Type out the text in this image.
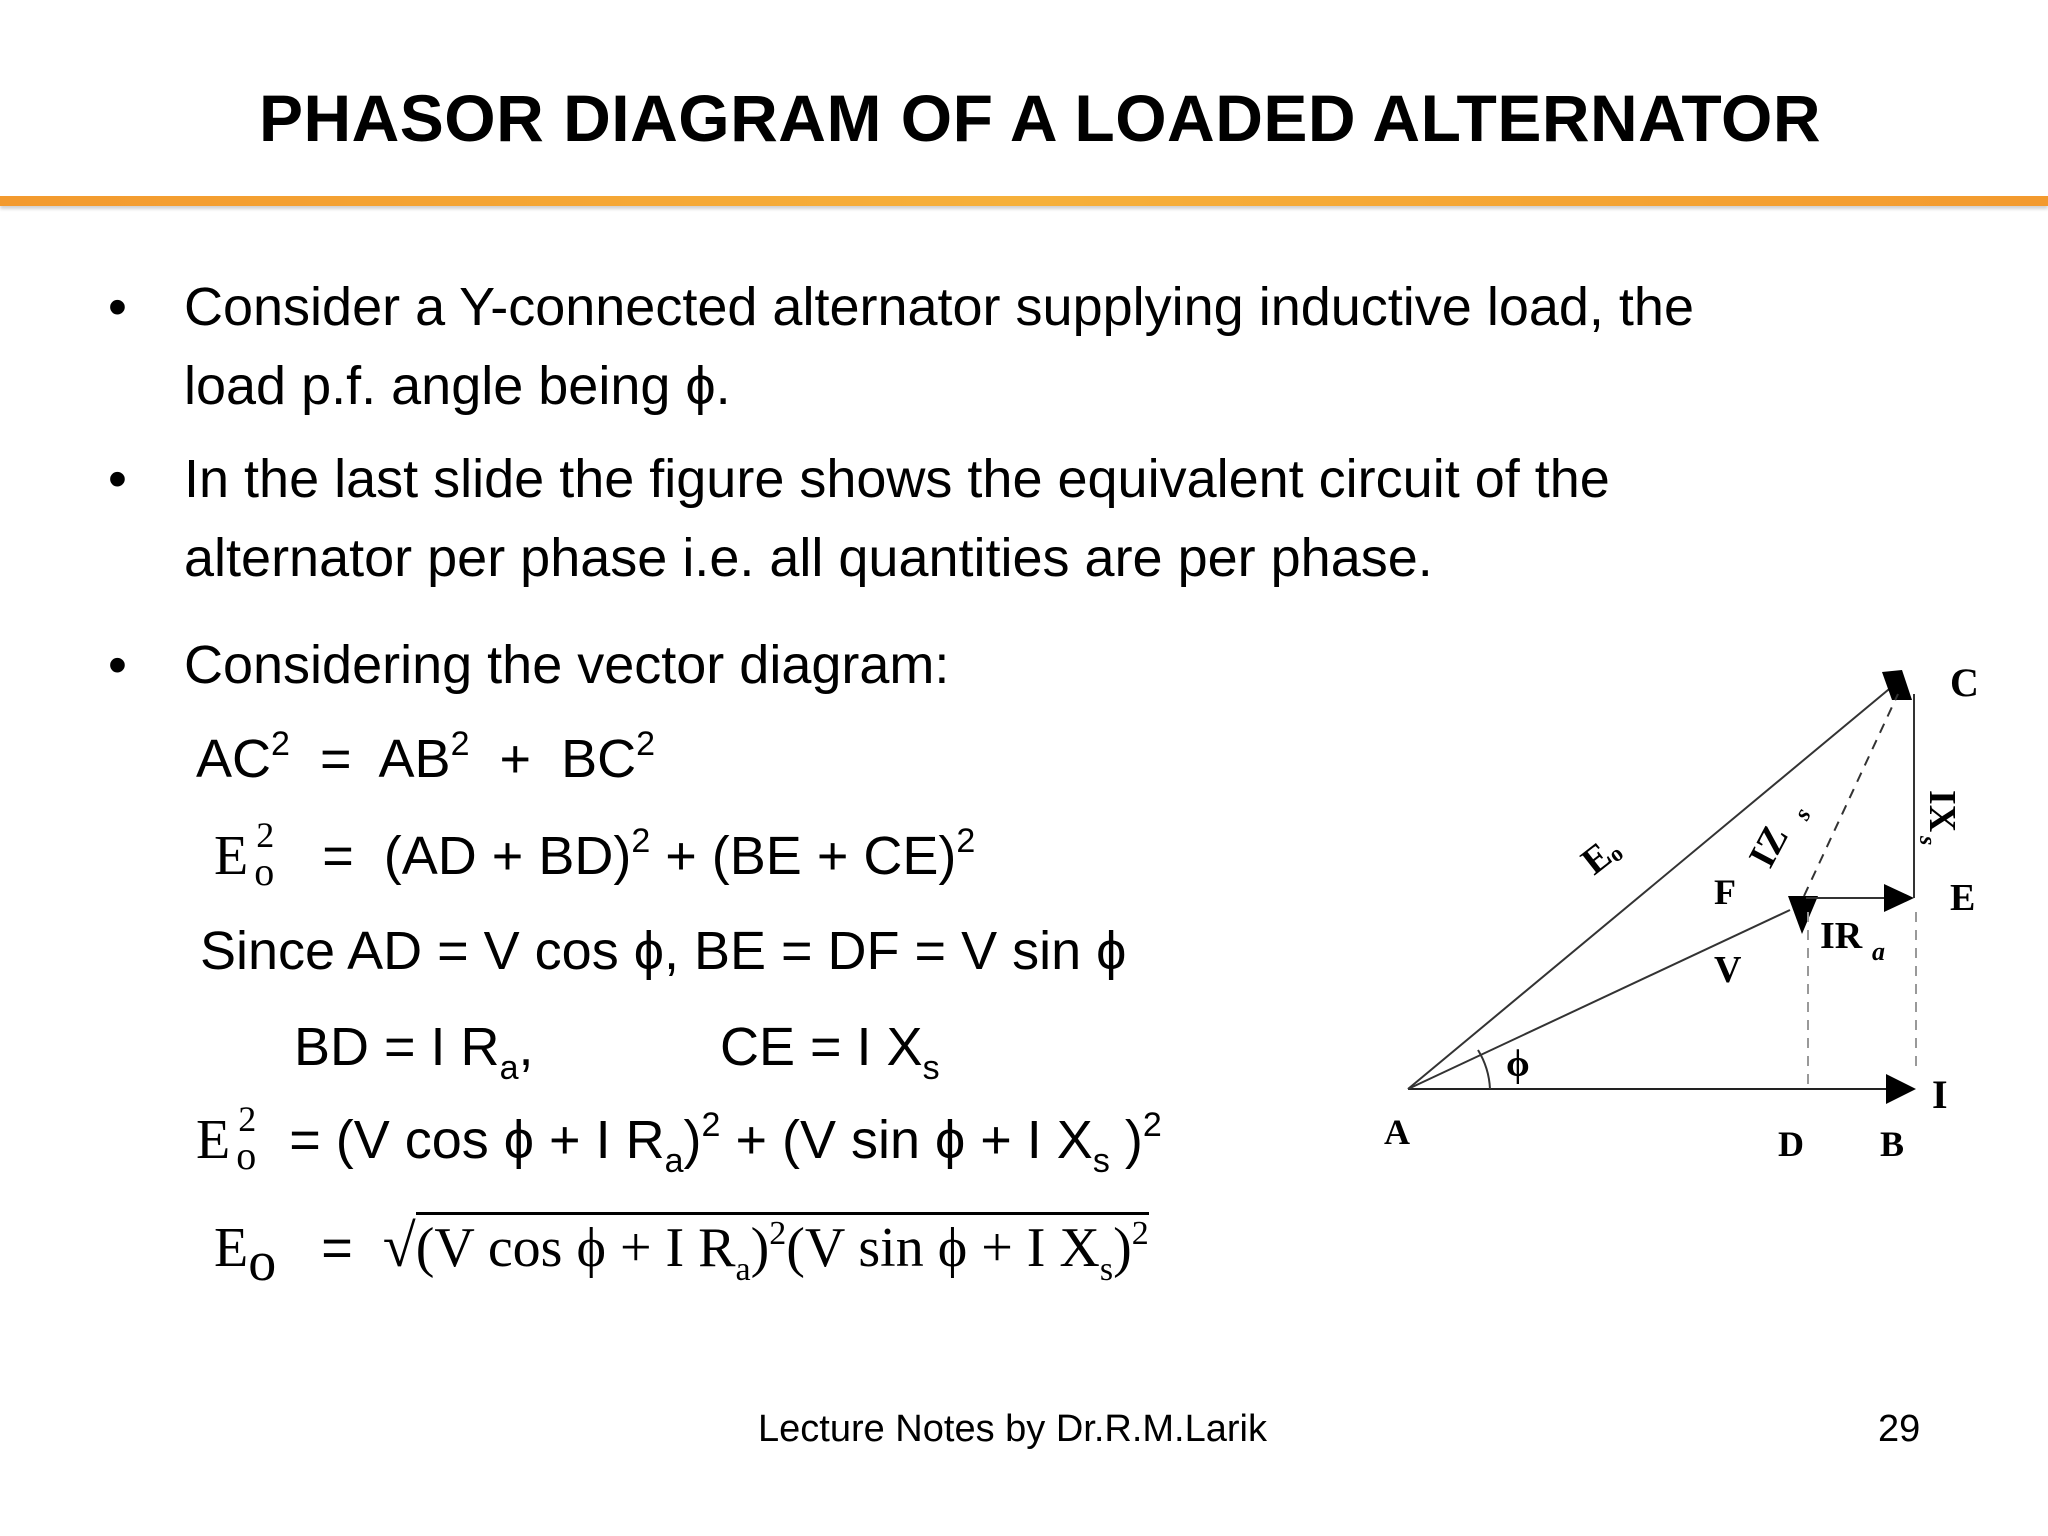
PHASOR DIAGRAM OF A LOADED ALTERNATOR
• Consider a Y-connected alternator supplying inductive load, the
load p.f. angle being ϕ.
• In the last slide the figure shows the equivalent circuit of the
alternator per phase i.e. all quantities are per phase.
• Considering the vector diagram:
$AC^2 = AB^2 + BC^2$
E 2
o = (AD + BD)$^2$ + (BE + CE)$^2$
Since AD = V cos ϕ, BE = DF = V sin ϕ
BD = I $R_a$,	CE = I $X_s$
E 2
o = (V cos ϕ + I $R_a)^2 + (V$ sin ϕ + I $X_s$ )$^2$
$E_o = √(V$ cos ϕ + I $R_a)^2(V$ sin ϕ + I $X_s)^2$
A	D B
I
C
E
F
V
ϕ
Eₒ	IZ
s
IR a
IX
s
Lecture Notes by Dr.R.M.Larik	29
